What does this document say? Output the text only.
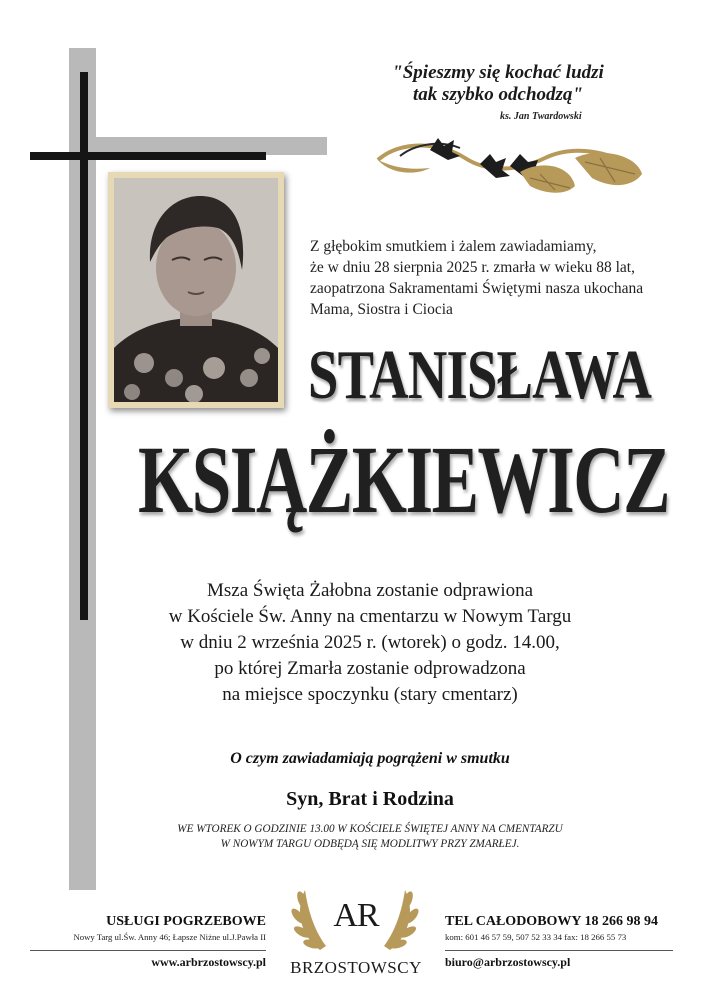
"Śpieszmy się kochać ludzi
tak szybko odchodzą"
ks. Jan Twardowski
Z głębokim smutkiem i żalem zawiadamiamy,
że w dniu 28 sierpnia 2025 r. zmarła w wieku 88 lat,
zaopatrzona Sakramentami Świętymi nasza ukochana
Mama, Siostra i Ciocia
STANISŁAWA
KSIĄŻKIEWICZ
Msza Święta Żałobna zostanie odprawiona
w Kościele Św. Anny na cmentarzu w Nowym Targu
w dniu 2 września 2025 r. (wtorek) o godz. 14.00,
po której Zmarła zostanie odprowadzona
na miejsce spoczynku (stary cmentarz)
O czym zawiadamiają pogrążeni w smutku
Syn, Brat i Rodzina
WE WTOREK O GODZINIE 13.00 W KOŚCIELE ŚWIĘTEJ ANNY NA CMENTARZU
W NOWYM TARGU ODBĘDĄ SIĘ MODLITWY PRZY ZMARŁEJ.
USŁUGI POGRZEBOWE
Nowy Targ ul.Św. Anny 46; Łapsze Niżne ul.J.Pawła II
www.arbrzostowscy.pl
AR
BRZOSTOWSCY
TEL CAŁODOBOWY 18 266 98 94
kom: 601 46 57 59, 507 52 33 34 fax: 18 266 55 73
biuro@arbrzostowscy.pl
